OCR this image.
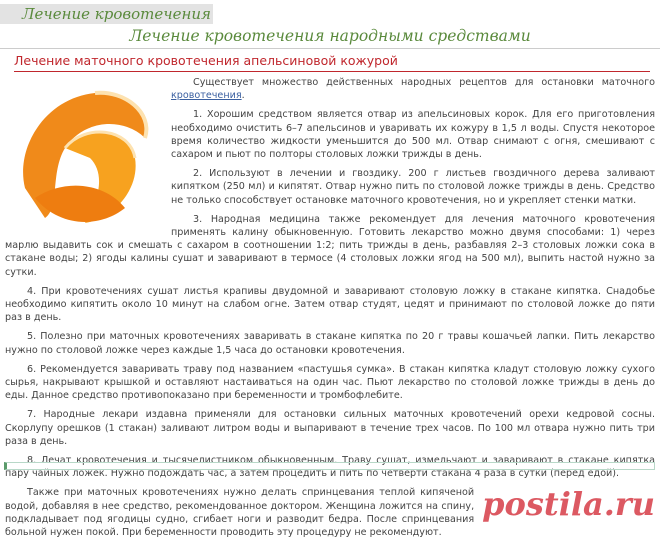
Лечение кровотечения
Лечение кровотечения народными средствами
Лечение маточного кровотечения апельсиновой кожурой

Существует множество действенных народных рецептов для остановки маточного кровотечения.

1. Хорошим средством является отвар из апельсиновых корок. Для его приготовления необходимо очистить 6–7 апельсинов и уваривать их кожуру в 1,5 л воды. Спустя некоторое время количество жидкости уменьшится до 500 мл. Отвар снимают с огня, смешивают с сахаром и пьют по полторы столовых ложки трижды в день.

2. Используют в лечении и гвоздику. 200 г листьев гвоздичного дерева заливают кипятком (250 мл) и кипятят. Отвар нужно пить по столовой ложке трижды в день. Средство не только способствует остановке маточного кровотечения, но и укрепляет стенки матки.

3. Народная медицина также рекомендует для лечения маточного кровотечения применять калину обыкновенную. Готовить лекарство можно двумя способами: 1) через марлю выдавить сок и смешать с сахаром в соотношении 1:2; пить трижды в день, разбавляя 2–3 столовых ложки сока в стакане воды; 2) ягоды калины сушат и заваривают в термосе (4 столовых ложки ягод на 500 мл), выпить настой нужно за сутки.

4. При кровотечениях сушат листья крапивы двудомной и заваривают столовую ложку в стакане кипятка. Снадобье необходимо кипятить около 10 минут на слабом огне. Затем отвар студят, цедят и принимают по столовой ложке до пяти раз в день.

5. Полезно при маточных кровотечениях заваривать в стакане кипятка по 20 г травы кошачьей лапки. Пить лекарство нужно по столовой ложке через каждые 1,5 часа до остановки кровотечения.

6. Рекомендуется заваривать траву под названием «пастушья сумка». В стакан кипятка кладут столовую ложку сухого сырья, накрывают крышкой и оставляют настаиваться на один час. Пьют лекарство по столовой ложке трижды в день до еды. Данное средство противопоказано при беременности и тромбофлебите.

7. Народные лекари издавна применяли для остановки сильных маточных кровотечений орехи кедровой сосны. Скорлупу орешков (1 стакан) заливают литром воды и выпаривают в течение трех часов. По 100 мл отвара нужно пить три раза в день.

8. Лечат кровотечения и тысячелистником обыкновенным. Траву сушат, измельчают и заваривают в стакане кипятка пару чайных ложек. Нужно подождать час, а затем процедить и пить по четверти стакана 4 раза в сутки (перед едой).

postila.ru

Также при маточных кровотечениях нужно делать спринцевания теплой кипяченой водой, добавляя в нее средство, рекомендованное доктором. Женщина ложится на спину, подкладывает под ягодицы судно, сгибает ноги и разводит бедра. После спринцевания больной нужен покой. При беременности проводить эту процедуру не рекомендуют.
